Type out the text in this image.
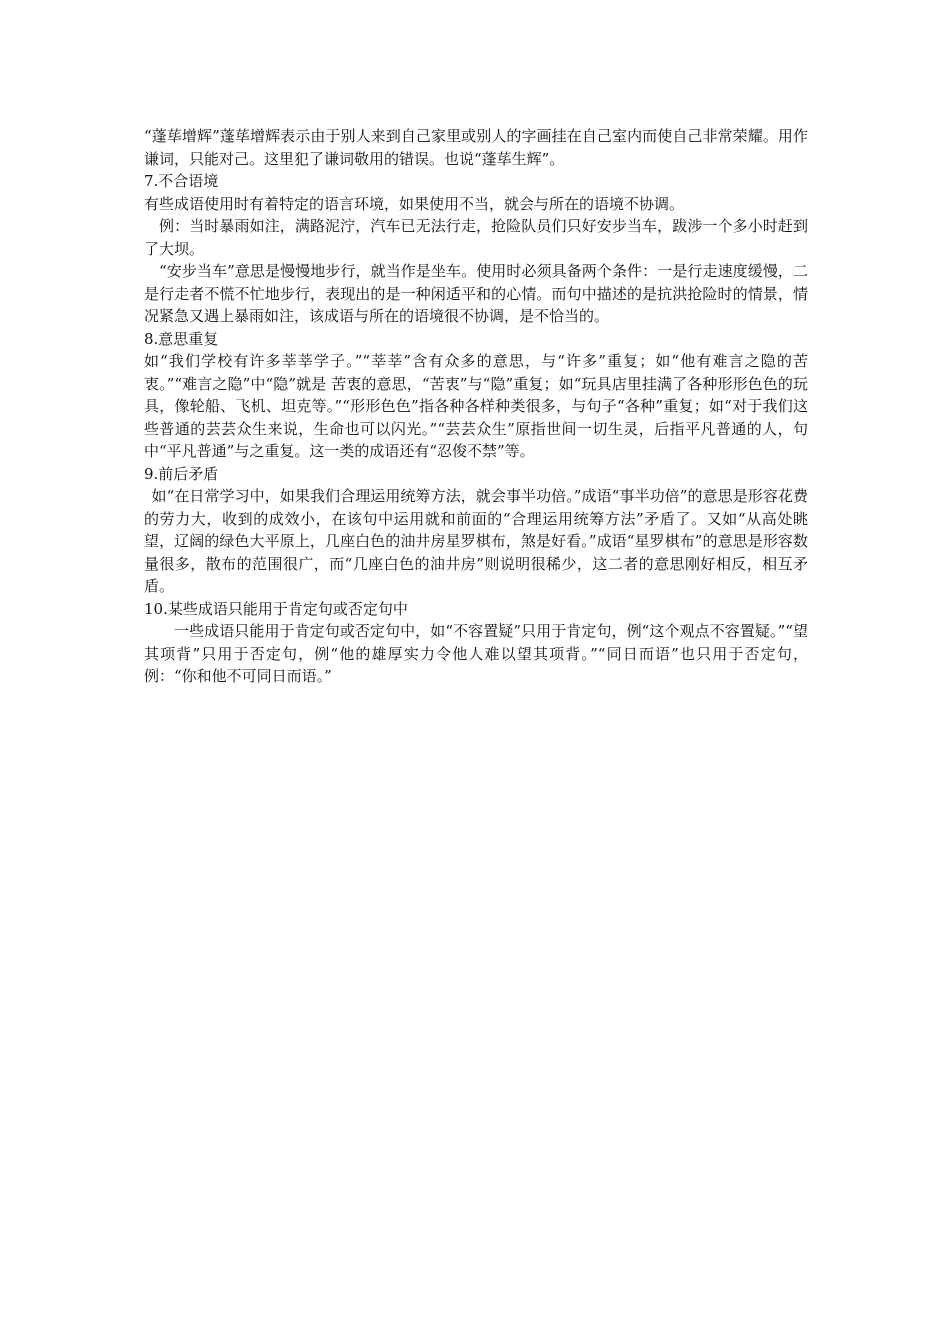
“蓬荜增辉”蓬荜增辉表示由于别人来到自己家里或别人的字画挂在自己室内而使自己非常荣耀。用作谦词，只能对己。这里犯了谦词敬用的错误。也说“蓬荜生辉”。

7.不合语境

有些成语使用时有着特定的语言环境，如果使用不当，就会与所在的语境不协调。

例：当时暴雨如注，满路泥泞，汽车已无法行走，抢险队员们只好安步当车，跋涉一个多小时赶到了大坝。

“安步当车”意思是慢慢地步行，就当作是坐车。使用时必须具备两个条件：一是行走速度缓慢，二是行走者不慌不忙地步行，表现出的是一种闲适平和的心情。而句中描述的是抗洪抢险时的情景，情况紧急又遇上暴雨如注，该成语与所在的语境很不协调，是不恰当的。

8.意思重复

如“我们学校有许多莘莘学子。”“莘莘”含有众多的意思，与“许多”重复；如“他有难言之隐的苦衷。”“难言之隐”中“隐”就是 苦衷的意思，“苦衷”与“隐”重复；如“玩具店里挂满了各种形形色色的玩具，像轮船、飞机、坦克等。”“形形色色”指各种各样种类很多，与句子“各种”重复；如“对于我们这些普通的芸芸众生来说，生命也可以闪光。”“芸芸众生”原指世间一切生灵，后指平凡普通的人，句中“平凡普通”与之重复。这一类的成语还有“忍俊不禁”等。

9.前后矛盾

如“在日常学习中，如果我们合理运用统筹方法，就会事半功倍。”成语“事半功倍”的意思是形容花费的劳力大，收到的成效小，在该句中运用就和前面的“合理运用统筹方法”矛盾了。又如“从高处眺望，辽阔的绿色大平原上，几座白色的油井房星罗棋布，煞是好看。”成语“星罗棋布”的意思是形容数量很多，散布的范围很广，而“几座白色的油井房”则说明很稀少，这二者的意思刚好相反，相互矛盾。

10.某些成语只能用于肯定句或否定句中

一些成语只能用于肯定句或否定句中，如“不容置疑”只用于肯定句，例“这个观点不容置疑。”“望其项背”只用于否定句，例“他的雄厚实力令他人难以望其项背。”“同日而语”也只用于否定句，例：“你和他不可同日而语。”
